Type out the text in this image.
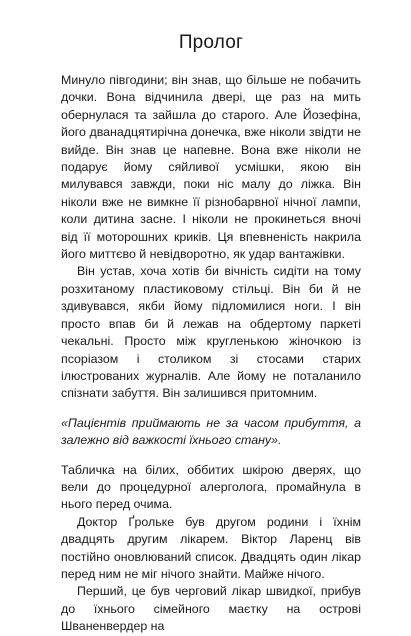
Пролог

Минуло півгодини; він знав, що більше не побачить дочки. Вона відчинила двері, ще раз на мить обернулася та зайшла до старого. Але Йозефіна, його дванадцятирічна донечка, вже ніколи звідти не вийде. Він знав це напевне. Вона вже ніколи не подарує йому сяйливої усмішки, якою він милувався завжди, поки ніс малу до ліжка. Він ніколи вже не вимкне її різнобарвної нічної лампи, коли дитина засне. І ніколи не прокинеться вночі від її моторошних криків. Ця впевненість накрила його миттєво й невідворотно, як удар вантажівки.

Він устав, хоча хотів би вічність сидіти на тому розхитаному пластиковому стільці. Він би й не здивувався, якби йому підломилися ноги. І він просто впав би й лежав на обдертому паркеті чекальні. Просто між кругленькою жіночкою із псоріазом і столиком зі стосами старих ілюстрованих журналів. Але йому не поталанило спізнати забуття. Він залишився притомним.

«Пацієнтів приймають не за часом прибуття, а залежно від важкості їхнього стану».

Табличка на білих, оббитих шкірою дверях, що вели до процедурної алерголога, промайнула в нього перед очима.

Доктор Ґрольке був другом родини і їхнім двадцять другим лікарем. Віктор Ларенц вів постійно оновлюваний список. Двадцять один лікар перед ним не міг нічого знайти. Майже нічого.

Перший, це був черговий лікар швидкої, прибув до їхнього сімейного маєтку на острові Шваненвердер на
